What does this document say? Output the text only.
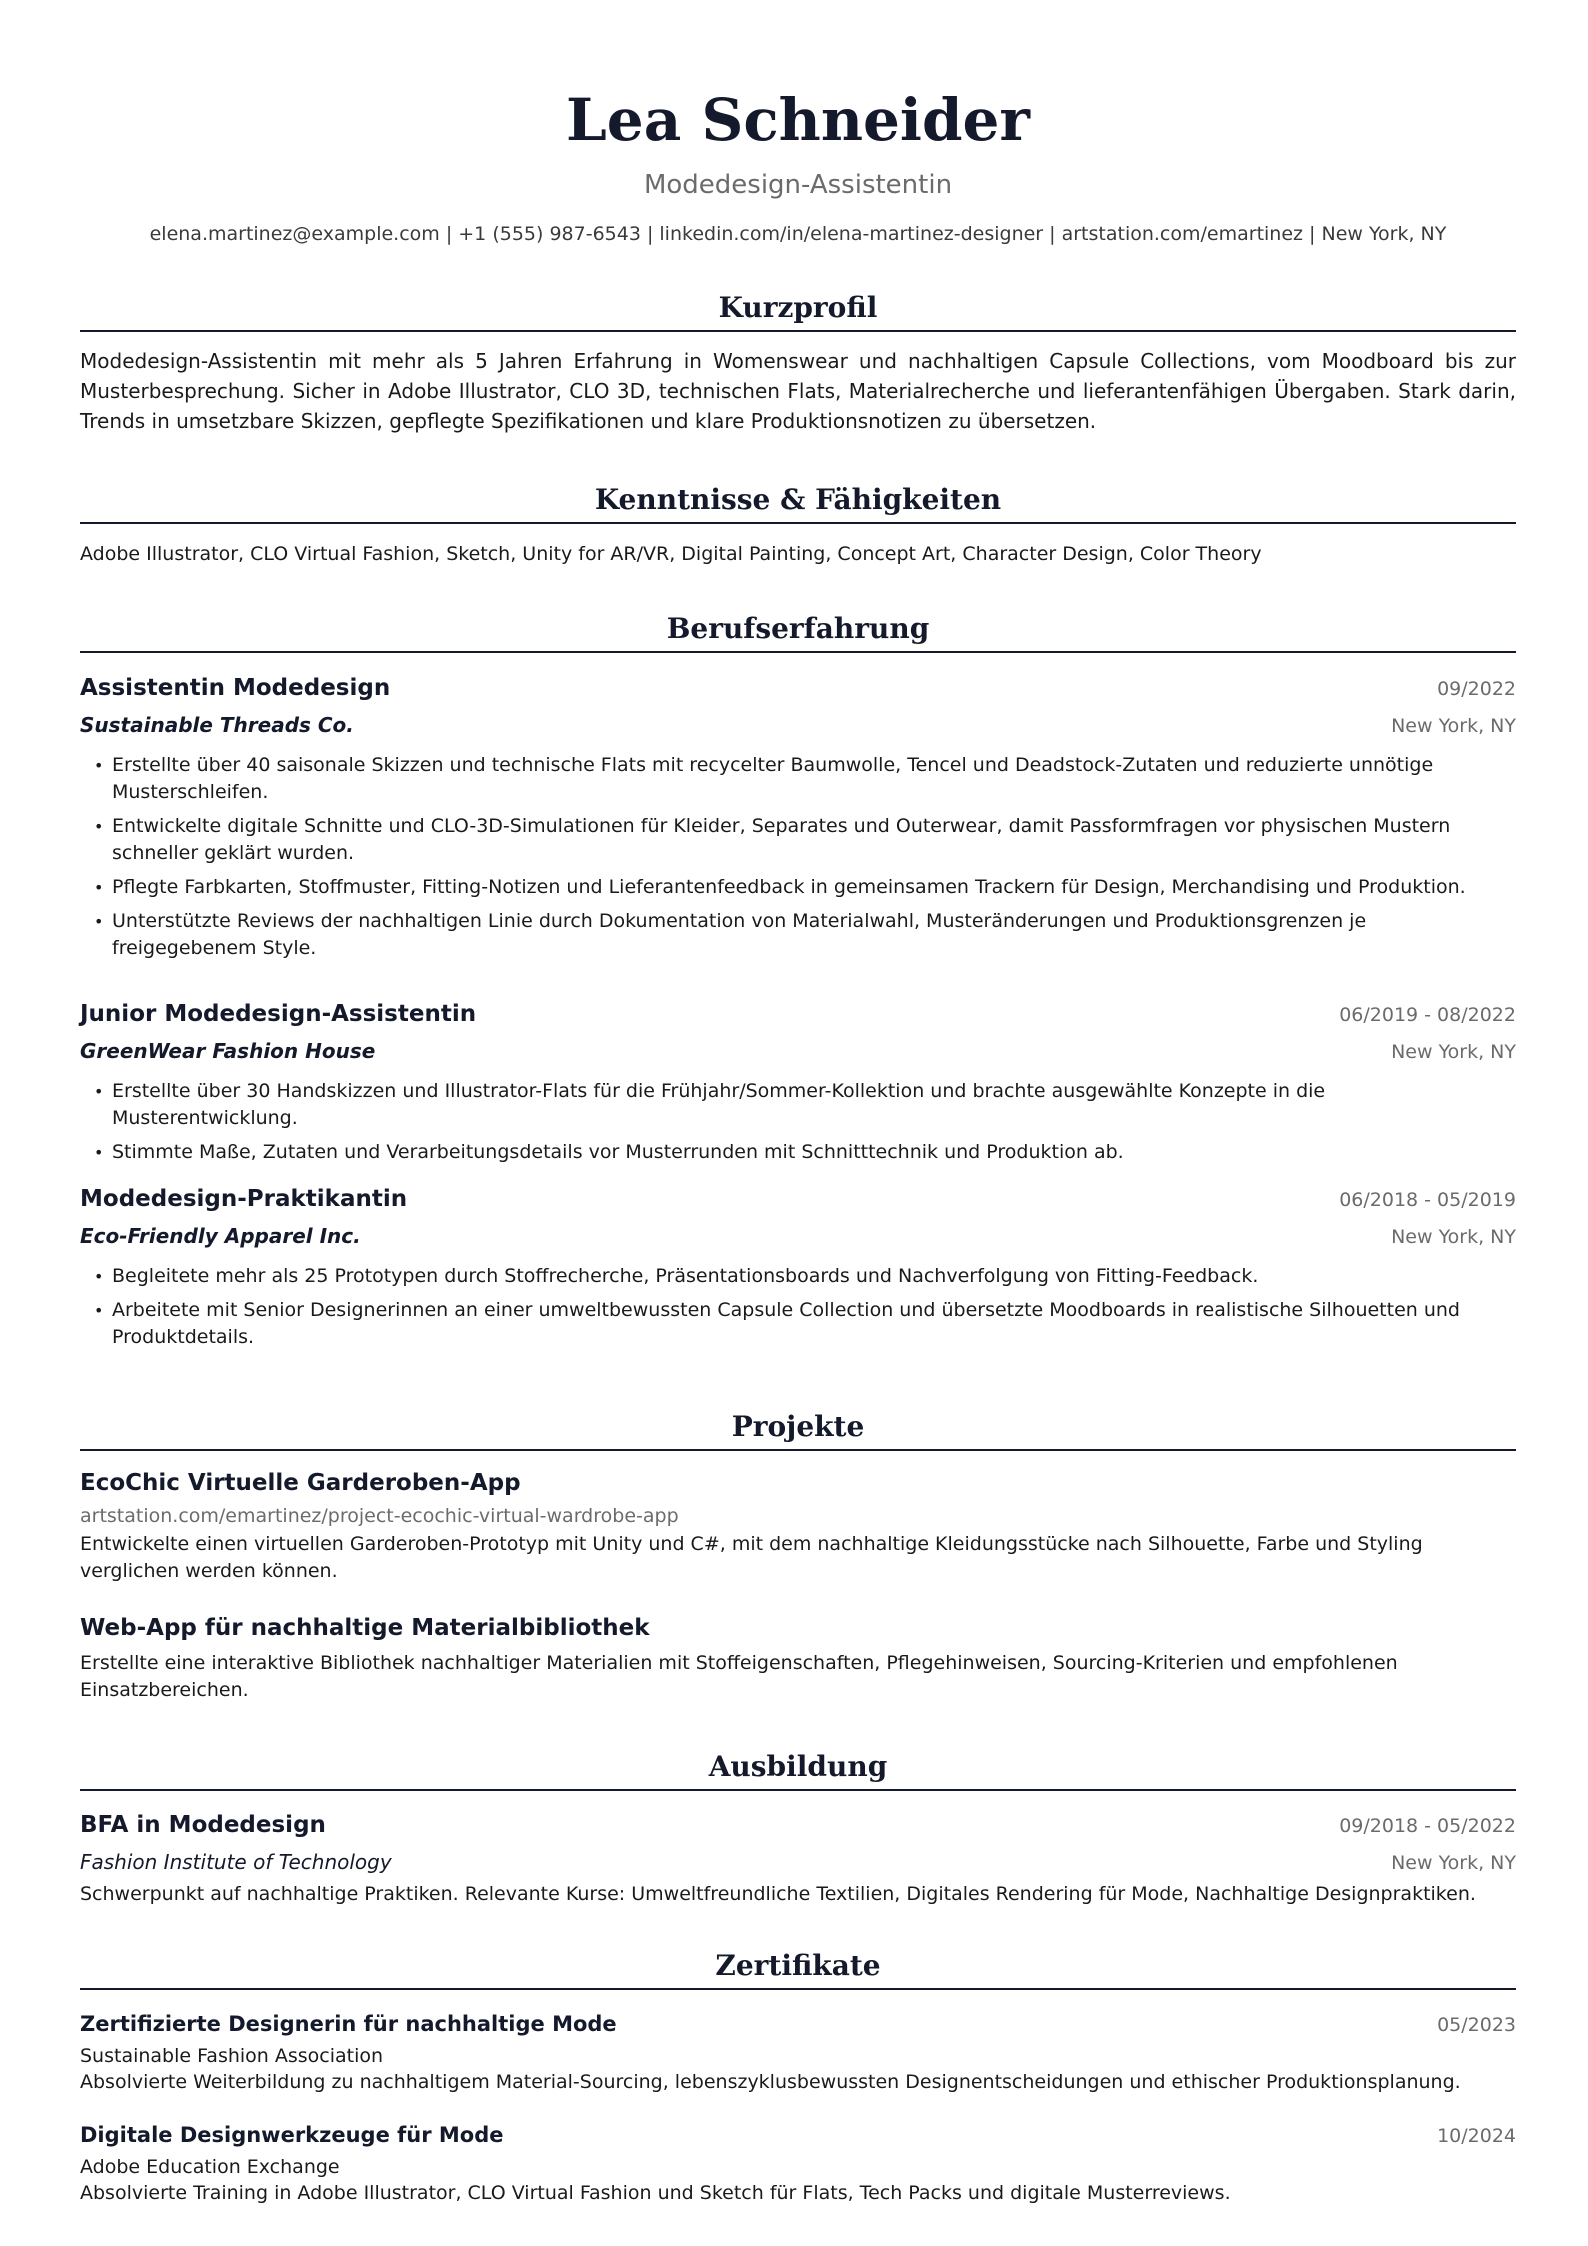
Lea Schneider
Modedesign-Assistentin
elena.martinez@example.com | +1 (555) 987-6543 | linkedin.com/in/elena-martinez-designer | artstation.com/emartinez | New York, NY
Kurzprofil
Modedesign-Assistentin mit mehr als 5 Jahren Erfahrung in Womenswear und nachhaltigen Capsule Collections, vom Moodboard bis zur Musterbesprechung. Sicher in Adobe Illustrator, CLO 3D, technischen Flats, Materialrecherche und lieferantenfähigen Übergaben. Stark darin, Trends in umsetzbare Skizzen, gepflegte Spezifikationen und klare Produktionsnotizen zu übersetzen.
Kenntnisse & Fähigkeiten
Adobe Illustrator, CLO Virtual Fashion, Sketch, Unity for AR/VR, Digital Painting, Concept Art, Character Design, Color Theory
Berufserfahrung
Assistentin Modedesign	09/2022
Sustainable Threads Co.	New York, NY
• Erstellte über 40 saisonale Skizzen und technische Flats mit recycelter Baumwolle, Tencel und Deadstock-Zutaten und reduzierte unnötige Musterschleifen.
• Entwickelte digitale Schnitte und CLO-3D-Simulationen für Kleider, Separates und Outerwear, damit Passformfragen vor physischen Mustern schneller geklärt wurden.
• Pflegte Farbkarten, Stoffmuster, Fitting-Notizen und Lieferantenfeedback in gemeinsamen Trackern für Design, Merchandising und Produktion.
• Unterstützte Reviews der nachhaltigen Linie durch Dokumentation von Materialwahl, Musteränderungen und Produktionsgrenzen je freigegebenem Style.
Junior Modedesign-Assistentin	06/2019 - 08/2022
GreenWear Fashion House	New York, NY
• Erstellte über 30 Handskizzen und Illustrator-Flats für die Frühjahr/Sommer-Kollektion und brachte ausgewählte Konzepte in die Musterentwicklung.
• Stimmte Maße, Zutaten und Verarbeitungsdetails vor Musterrunden mit Schnitttechnik und Produktion ab.
Modedesign-Praktikantin	06/2018 - 05/2019
Eco-Friendly Apparel Inc.	New York, NY
• Begleitete mehr als 25 Prototypen durch Stoffrecherche, Präsentationsboards und Nachverfolgung von Fitting-Feedback.
• Arbeitete mit Senior Designerinnen an einer umweltbewussten Capsule Collection und übersetzte Moodboards in realistische Silhouetten und Produktdetails.
Projekte
EcoChic Virtuelle Garderoben-App
artstation.com/emartinez/project-ecochic-virtual-wardrobe-app
Entwickelte einen virtuellen Garderoben-Prototyp mit Unity und C#, mit dem nachhaltige Kleidungsstücke nach Silhouette, Farbe und Styling verglichen werden können.
Web-App für nachhaltige Materialbibliothek
Erstellte eine interaktive Bibliothek nachhaltiger Materialien mit Stoffeigenschaften, Pflegehinweisen, Sourcing-Kriterien und empfohlenen Einsatzbereichen.
Ausbildung
BFA in Modedesign	09/2018 - 05/2022
Fashion Institute of Technology	New York, NY
Schwerpunkt auf nachhaltige Praktiken. Relevante Kurse: Umweltfreundliche Textilien, Digitales Rendering für Mode, Nachhaltige Designpraktiken.
Zertifikate
Zertifizierte Designerin für nachhaltige Mode	05/2023
Sustainable Fashion Association
Absolvierte Weiterbildung zu nachhaltigem Material-Sourcing, lebenszyklusbewussten Designentscheidungen und ethischer Produktionsplanung.
Digitale Designwerkzeuge für Mode	10/2024
Adobe Education Exchange
Absolvierte Training in Adobe Illustrator, CLO Virtual Fashion und Sketch für Flats, Tech Packs und digitale Musterreviews.
